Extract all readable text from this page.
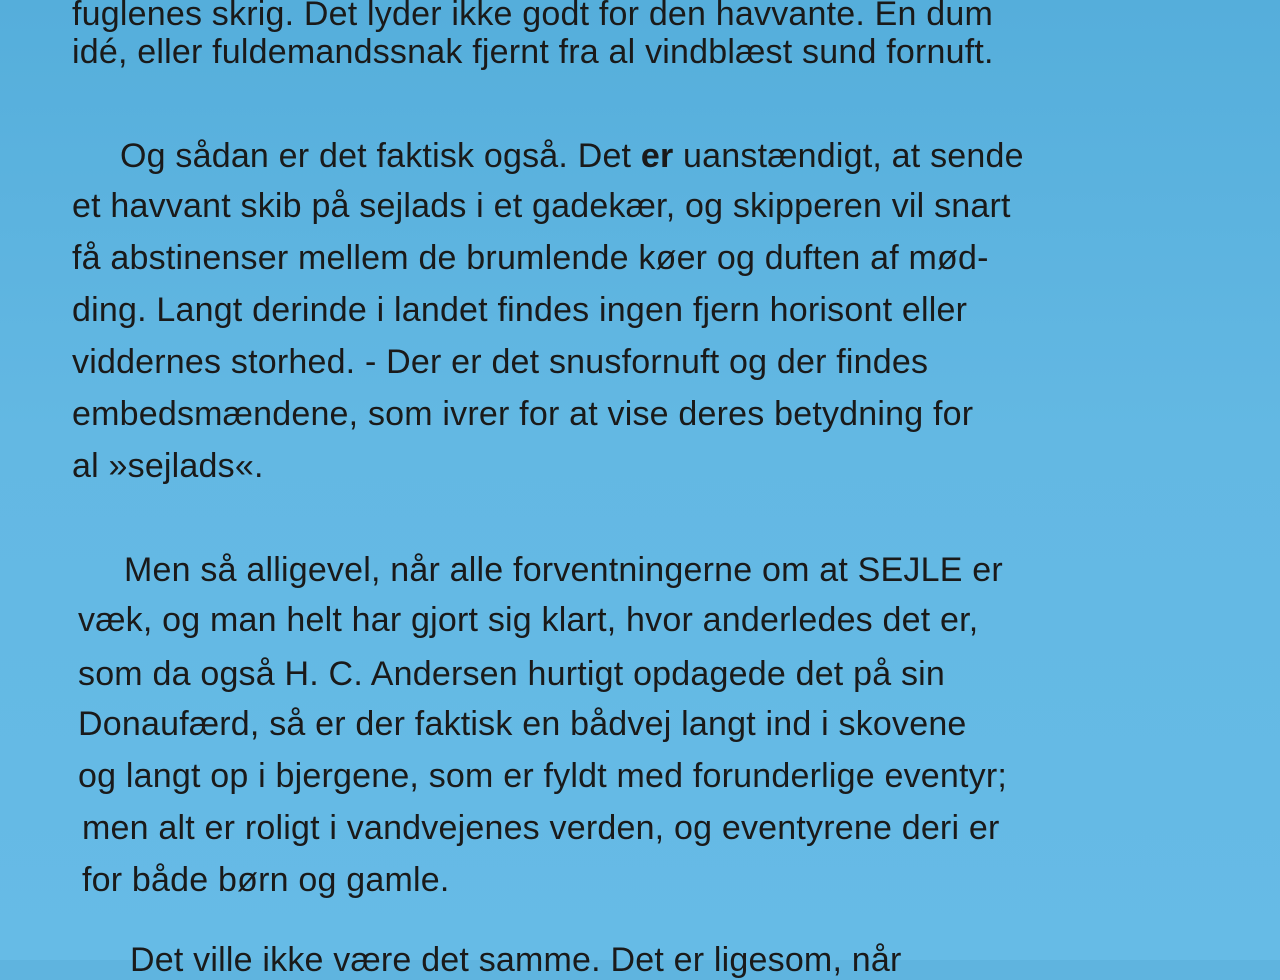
fuglenes skrig. Det lyder ikke godt for den havvante. En dum
idé, eller fuldemandssnak fjernt fra al vindblæst sund fornuft.
Og sådan er det faktisk også. Det er uanstændigt, at sende
et havvant skib på sejlads i et gadekær, og skipperen vil snart
få abstinenser mellem de brumlende køer og duften af mød-
ding. Langt derinde i landet findes ingen fjern horisont eller
viddernes storhed. - Der er det snusfornuft og der findes
embedsmændene, som ivrer for at vise deres betydning for
al »sejlads«.
Men så alligevel, når alle forventningerne om at SEJLE er
væk, og man helt har gjort sig klart, hvor anderledes det er,
som da også H. C. Andersen hurtigt opdagede det på sin
Donaufærd, så er der faktisk en bådvej langt ind i skovene
og langt op i bjergene, som er fyldt med forunderlige eventyr;
men alt er roligt i vandvejenes verden, og eventyrene deri er
for både børn og gamle.
Det ville ikke være det samme. Det er ligesom, når
